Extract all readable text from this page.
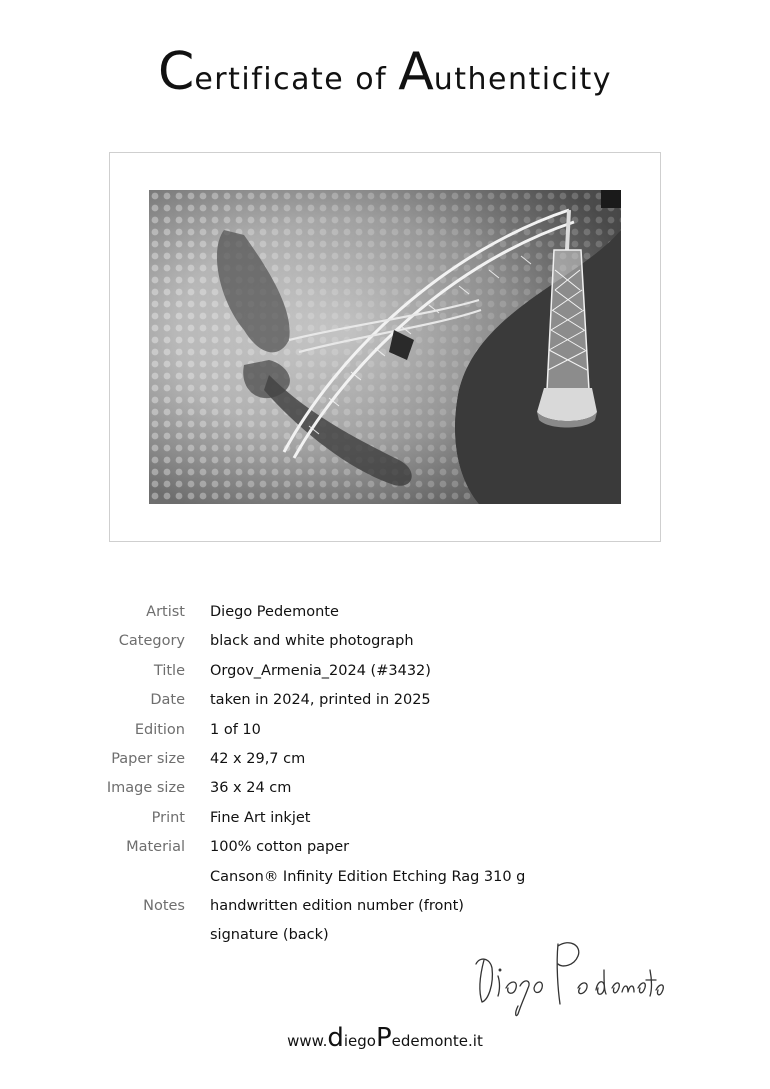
Certificate of Authenticity
Artist Diego Pedemonte
Category black and white photograph
Title Orgov_Armenia_2024 (#3432)
Date taken in 2024, printed in 2025
Edition 1 of 10
Paper size 42 x 29,7 cm
Image size 36 x 24 cm
Print Fine Art inkjet
Material 100% cotton paper
Canson® Infinity Edition Etching Rag 310 g
Notes handwritten edition number (front)
signature (back)
www.diegoPedemonte.it
